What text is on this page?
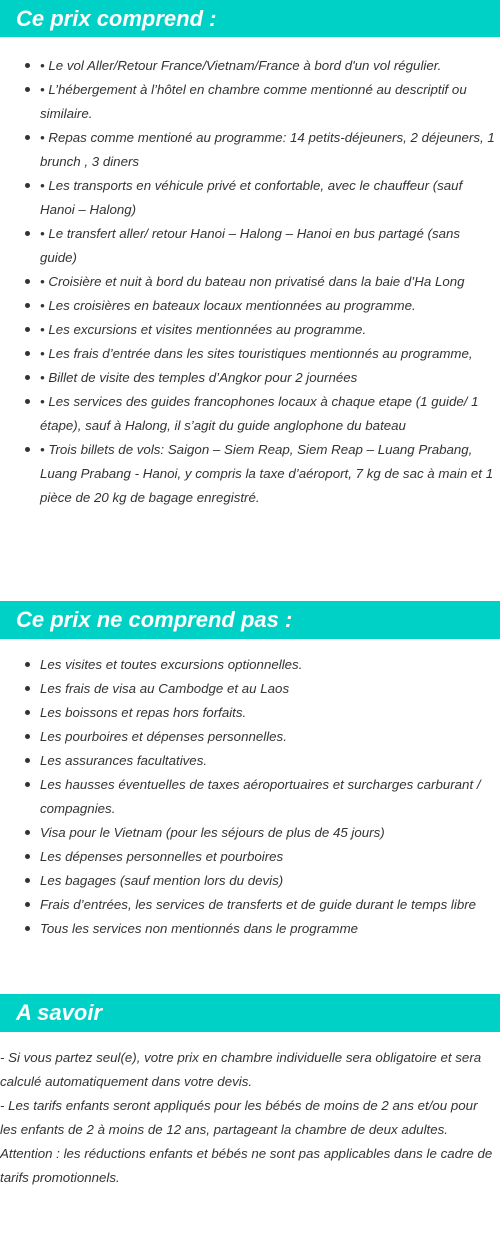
Ce prix comprend :
• Le vol Aller/Retour France/Vietnam/France à bord d'un vol régulier.
• L’hébergement à l’hôtel en chambre comme mentionné au descriptif ou similaire.
• Repas comme mentioné au programme: 14 petits-déjeuners, 2 déjeuners, 1 brunch , 3 diners
• Les transports en véhicule privé et confortable, avec le chauffeur (sauf Hanoi – Halong)
• Le transfert aller/ retour Hanoi – Halong – Hanoi en bus partagé (sans guide)
• Croisière et nuit à bord du bateau non privatisé dans la baie d’Ha Long
• Les croisières en bateaux locaux mentionnées au programme.
• Les excursions et visites mentionnées au programme.
• Les frais d’entrée dans les sites touristiques mentionnés au programme,
• Billet de visite des temples d’Angkor pour 2 journées
• Les services des guides francophones locaux à chaque etape (1 guide/ 1 étape), sauf à Halong, il s’agit du guide anglophone du bateau
• Trois billets de vols: Saigon – Siem Reap, Siem Reap – Luang Prabang, Luang Prabang - Hanoi, y compris la taxe d’aéroport, 7 kg de sac à main et 1 pièce de 20 kg de bagage enregistré.
Ce prix ne comprend pas :
Les visites et toutes excursions optionnelles.
Les frais de visa au Cambodge et au Laos
Les boissons et repas hors forfaits.
Les pourboires et dépenses personnelles.
Les assurances facultatives.
Les hausses éventuelles de taxes aéroportuaires et surcharges carburant / compagnies.
Visa pour le Vietnam (pour les séjours de plus de 45 jours)
Les dépenses personnelles et pourboires
Les bagages (sauf mention lors du devis)
Frais d’entrées, les services de transferts et de guide durant le temps libre
Tous les services non mentionnés dans le programme
A savoir
- Si vous partez seul(e), votre prix en chambre individuelle sera obligatoire et sera calculé automatiquement dans votre devis.
- Les tarifs enfants seront appliqués pour les bébés de moins de 2 ans et/ou pour les enfants de 2 à moins de 12 ans, partageant la chambre de deux adultes.
Attention : les réductions enfants et bébés ne sont pas applicables dans le cadre de tarifs promotionnels.
